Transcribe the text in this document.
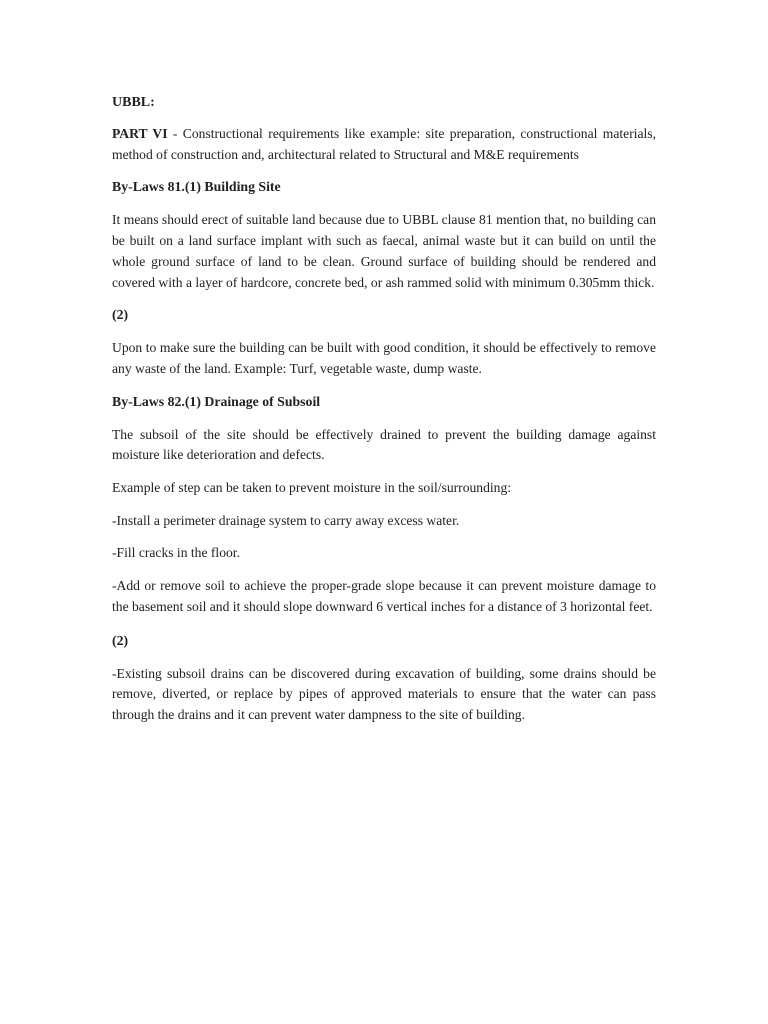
UBBL:

PART VI - Constructional requirements like example: site preparation, constructional materials, method of construction and, architectural related to Structural and M&E requirements

By-Laws 81.(1) Building Site

It means should erect of suitable land because due to UBBL clause 81 mention that, no building can be built on a land surface implant with such as faecal, animal waste but it can build on until the whole ground surface of land to be clean. Ground surface of building should be rendered and covered with a layer of hardcore, concrete bed, or ash rammed solid with minimum 0.305mm thick.

(2)

Upon to make sure the building can be built with good condition, it should be effectively to remove any waste of the land. Example: Turf, vegetable waste, dump waste.

By-Laws 82.(1) Drainage of Subsoil

The subsoil of the site should be effectively drained to prevent the building damage against moisture like deterioration and defects.

Example of step can be taken to prevent moisture in the soil/surrounding:

-Install a perimeter drainage system to carry away excess water.

-Fill cracks in the floor.

-Add or remove soil to achieve the proper-grade slope because it can prevent moisture damage to the basement soil and it should slope downward 6 vertical inches for a distance of 3 horizontal feet.

(2)

-Existing subsoil drains can be discovered during excavation of building, some drains should be remove, diverted, or replace by pipes of approved materials to ensure that the water can pass through the drains and it can prevent water dampness to the site of building.
